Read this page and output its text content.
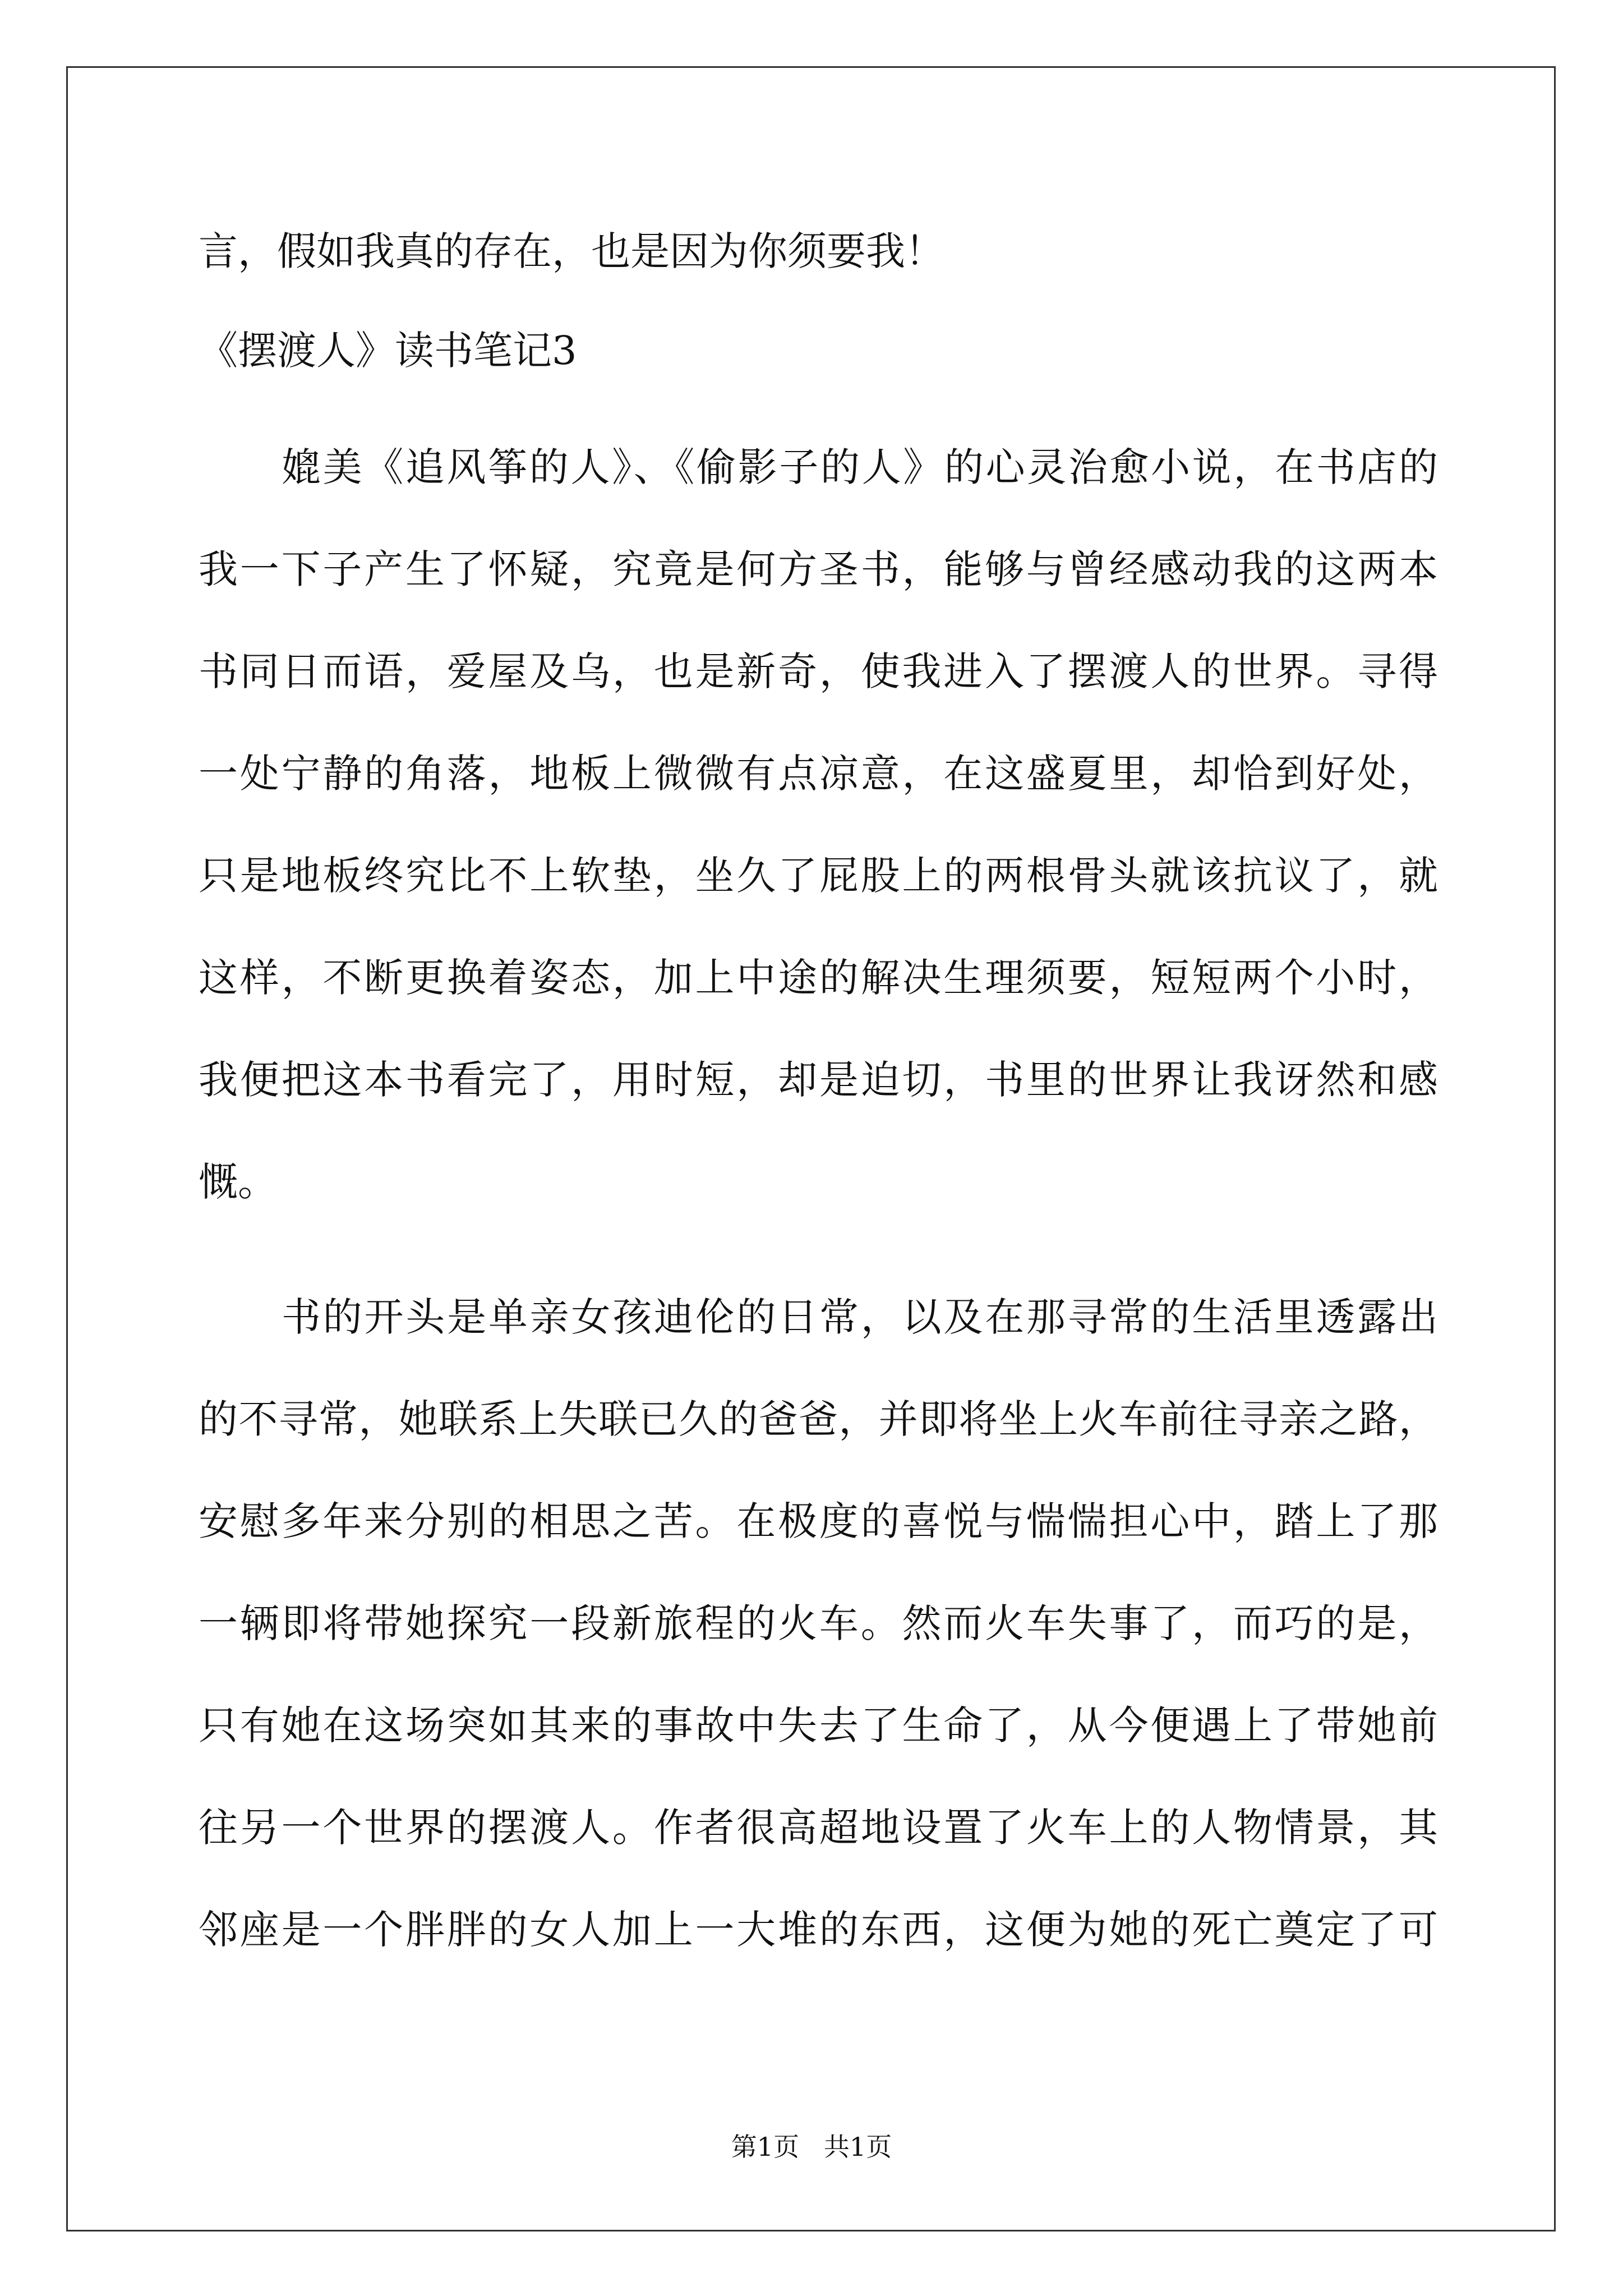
言，假如我真的存在，也是因为你须要我！
《摆渡人》读书笔记3
媲美《追风筝的人》、《偷影子的人》的心灵治愈小说，在书店的
我一下子产生了怀疑，究竟是何方圣书，能够与曾经感动我的这两本
书同日而语，爱屋及乌，也是新奇，使我进入了摆渡人的世界。寻得
一处宁静的角落，地板上微微有点凉意，在这盛夏里，却恰到好处，
只是地板终究比不上软垫，坐久了屁股上的两根骨头就该抗议了，就
这样，不断更换着姿态，加上中途的解决生理须要，短短两个小时，
我便把这本书看完了，用时短，却是迫切，书里的世界让我讶然和感
慨。
书的开头是单亲女孩迪伦的日常，以及在那寻常的生活里透露出
的不寻常，她联系上失联已久的爸爸，并即将坐上火车前往寻亲之路，
安慰多年来分别的相思之苦。在极度的喜悦与惴惴担心中，踏上了那
一辆即将带她探究一段新旅程的火车。然而火车失事了，而巧的是，
只有她在这场突如其来的事故中失去了生命了，从今便遇上了带她前
往另一个世界的摆渡人。作者很高超地设置了火车上的人物情景，其
邻座是一个胖胖的女人加上一大堆的东西，这便为她的死亡奠定了可
第1页   共1页
